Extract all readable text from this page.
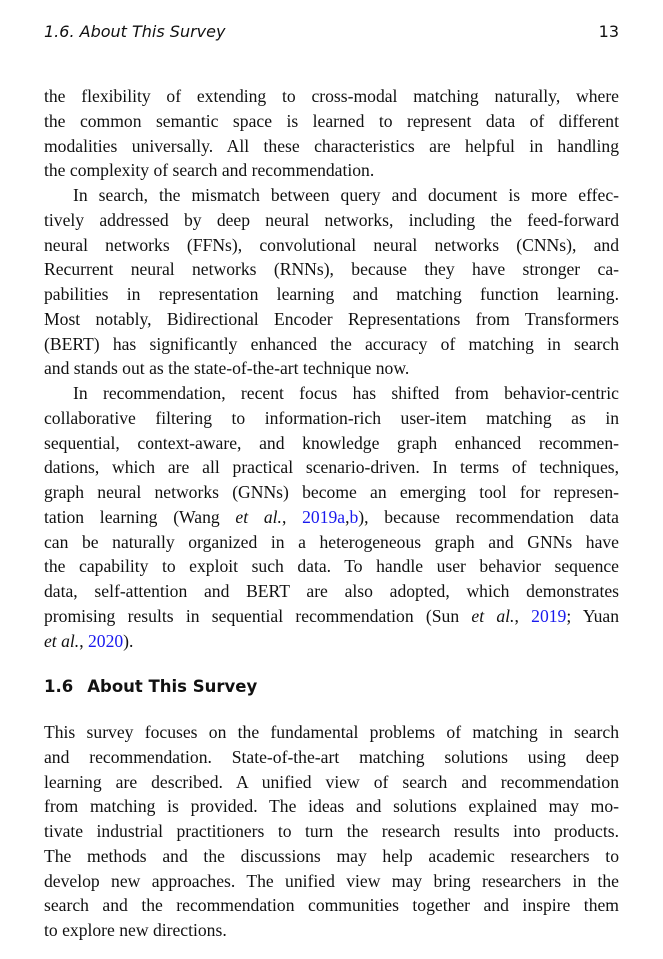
1.6. About This Survey	13
the flexibility of extending to cross-modal matching naturally, where
the common semantic space is learned to represent data of different
modalities universally. All these characteristics are helpful in handling
the complexity of search and recommendation.
In search, the mismatch between query and document is more effec-
tively addressed by deep neural networks, including the feed-forward
neural networks (FFNs), convolutional neural networks (CNNs), and
Recurrent neural networks (RNNs), because they have stronger ca-
pabilities in representation learning and matching function learning.
Most notably, Bidirectional Encoder Representations from Transformers
(BERT) has significantly enhanced the accuracy of matching in search
and stands out as the state-of-the-art technique now.
In recommendation, recent focus has shifted from behavior-centric
collaborative filtering to information-rich user-item matching as in
sequential, context-aware, and knowledge graph enhanced recommen-
dations, which are all practical scenario-driven. In terms of techniques,
graph neural networks (GNNs) become an emerging tool for represen-
tation learning (Wang et al., 2019a,b), because recommendation data
can be naturally organized in a heterogeneous graph and GNNs have
the capability to exploit such data. To handle user behavior sequence
data, self-attention and BERT are also adopted, which demonstrates
promising results in sequential recommendation (Sun et al., 2019; Yuan
et al., 2020).
1.6 About This Survey
This survey focuses on the fundamental problems of matching in search
and recommendation. State-of-the-art matching solutions using deep
learning are described. A unified view of search and recommendation
from matching is provided. The ideas and solutions explained may mo-
tivate industrial practitioners to turn the research results into products.
The methods and the discussions may help academic researchers to
develop new approaches. The unified view may bring researchers in the
search and the recommendation communities together and inspire them
to explore new directions.
